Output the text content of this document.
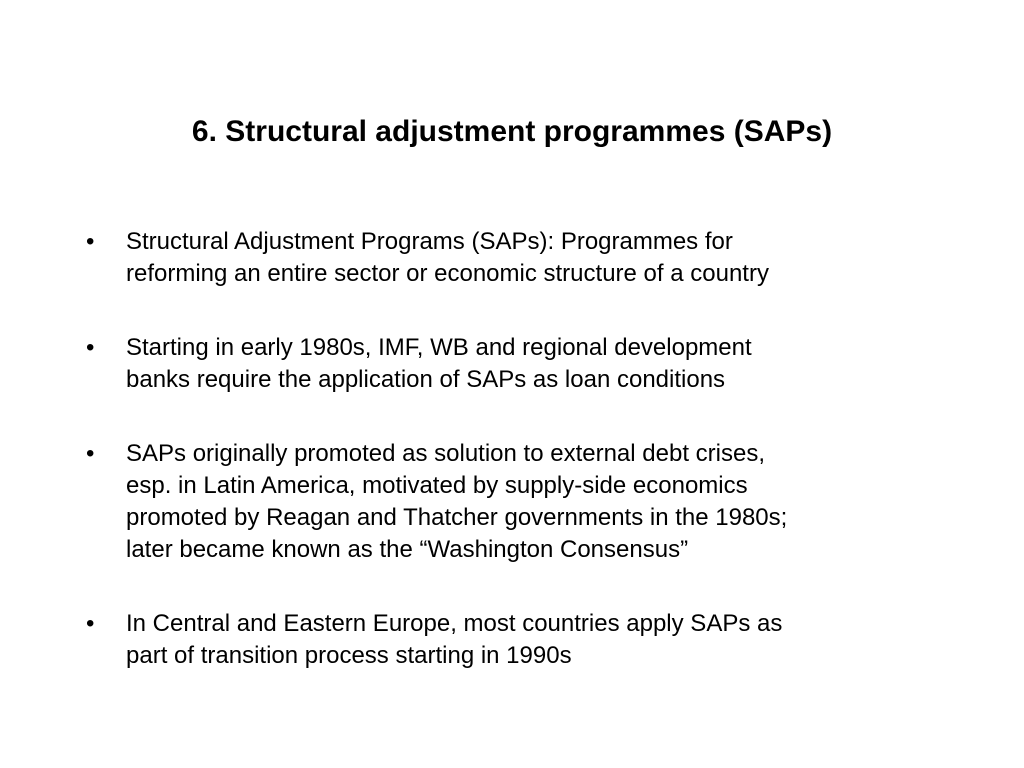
6. Structural adjustment programmes (SAPs)
•	Structural Adjustment Programs (SAPs): Programmes for
reforming an entire sector or economic structure of a country
•	Starting in early 1980s, IMF, WB and regional development
banks require the application of SAPs as loan conditions
•	SAPs originally promoted as solution to external debt crises,
esp. in Latin America, motivated by supply-side economics
promoted by Reagan and Thatcher governments in the 1980s;
later became known as the “Washington Consensus”
•	In Central and Eastern Europe, most countries apply SAPs as
part of transition process starting in 1990s
